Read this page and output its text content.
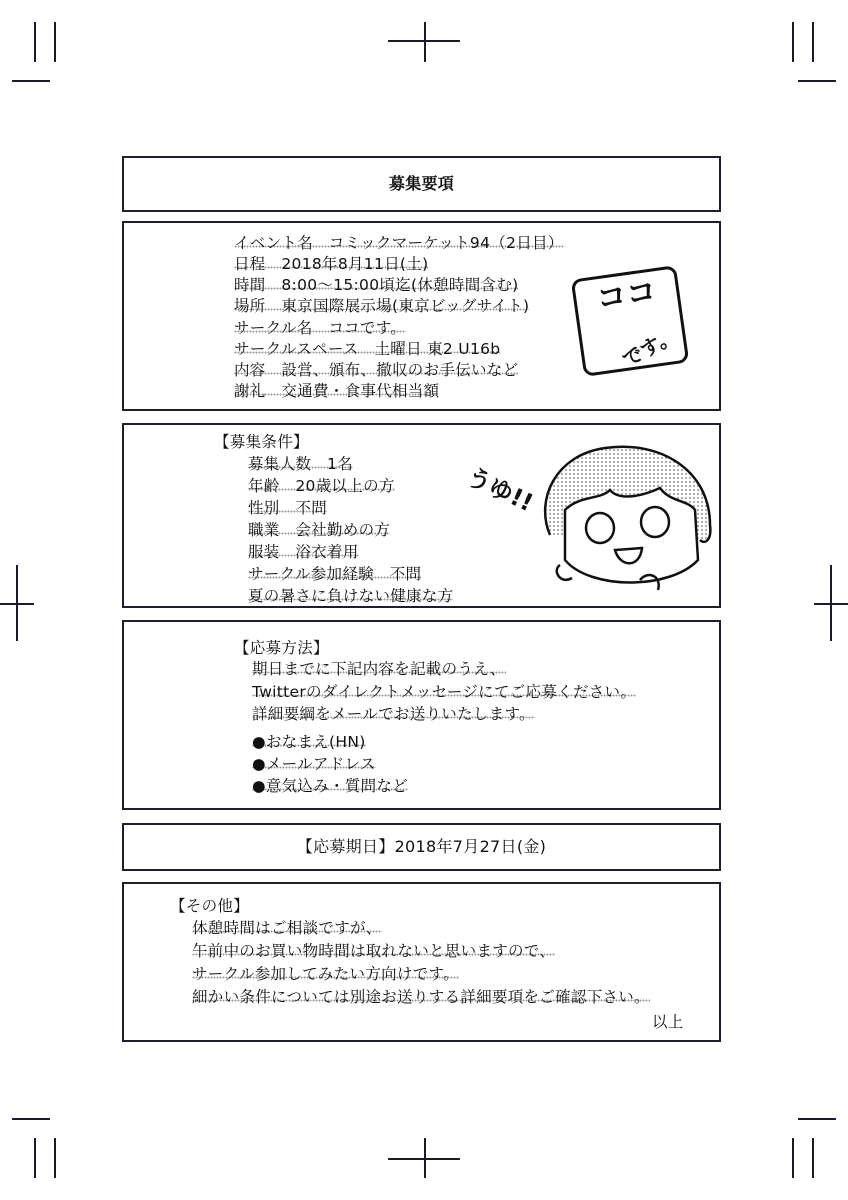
募集要項
イベント名　コミックマーケット94（2日目）
日程　2018年8月11日(土)
時間　8:00～15:00頃迄(休憩時間含む)
場所　東京国際展示場(東京ビッグサイト)
サークル名　ココです。
サークルスペース　土曜日 東2 U16b
内容　設営、頒布、撤収のお手伝いなど
謝礼　交通費・食事代相当額
ココ
です。
【募集条件】
募集人数　1名
年齢　20歳以上の方
性別　不問
職業　会社勤めの方
服装　浴衣着用
サークル参加経験　不問
夏の暑さに負けない健康な方
うゆ!!
【応募方法】
期日までに下記内容を記載のうえ、
Twitterのダイレクトメッセージにてご応募ください。
詳細要綱をメールでお送りいたします。
●おなまえ(HN)
●メールアドレス
●意気込み・質問など
【応募期日】2018年7月27日(金)
【その他】
休憩時間はご相談ですが、
午前中のお買い物時間は取れないと思いますので、
サークル参加してみたい方向けです。
細かい条件については別途お送りする詳細要項をご確認下さい。
以上
